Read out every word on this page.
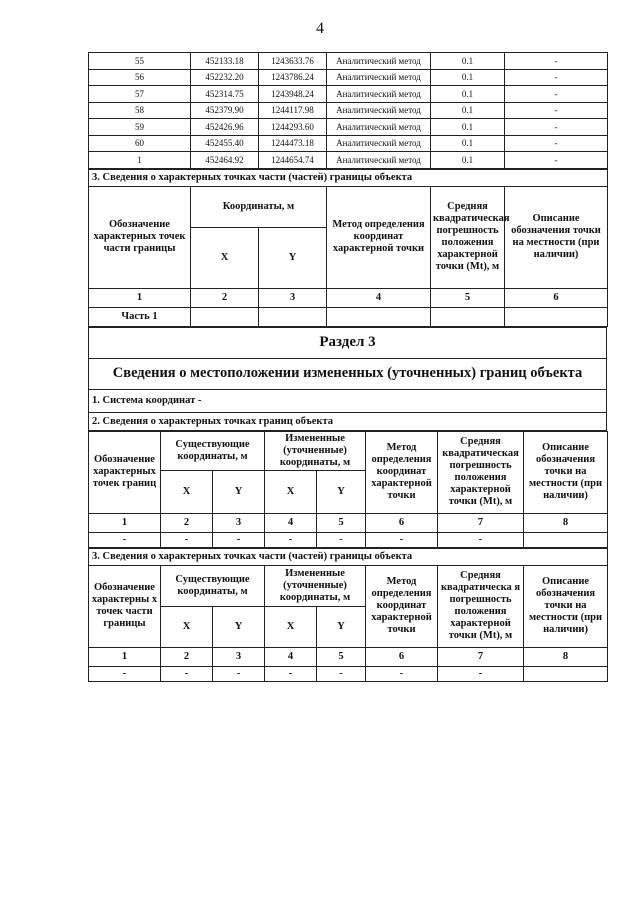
4
55	452133.18	1243633.76	Аналитический метод	0.1	-
56	452232.20	1243786.24	Аналитический метод	0.1	-
57	452314.75	1243948.24	Аналитический метод	0.1	-
58	452379.90	1244117.98	Аналитический метод	0.1	-
59	452426.96	1244293.60	Аналитический метод	0.1	-
60	452455.40	1244473.18	Аналитический метод	0.1	-
1	452464.92	1244654.74	Аналитический метод	0.1	-
3. Сведения о характерных точках части (частей) границы объекта					
Обозначение характерных точек части границы	Координаты, м		Метод определения координат характерной точки	Средняя квадратическая погрешность положения характерной точки (Mt), м	Описание обозначения точки на местности (при наличии)
	X	Y			
1	2	3	4	5	6
Часть 1					
Раздел 3
Сведения о местоположении измененных (уточненных) границ объекта
1. Система координат -
2. Сведения о характерных точках границ объекта
Обозначение характерных точек границ	Существующие координаты, м		Измененные (уточненные) координаты, м		Метод определения координат характерной точки	Средняя квадратическая погрешность положения характерной точки (Mt), м	Описание обозначения точки на местности (при наличии)
	X	Y	X	Y			
1	2	3	4	5	6	7	8
-	-	-	-	-	-	-	
3. Сведения о характерных точках части (частей) границы объекта							
Обозначение характерны х точек части границы	Существующие координаты, м		Измененные (уточненные) координаты, м		Метод определения координат характерной точки	Средняя квадратическа я погрешность положения характерной точки (Mt), м	Описание обозначения точки на местности (при наличии)
	X	Y	X	Y			
1	2	3	4	5	6	7	8
-	-	-	-	-	-	-	
